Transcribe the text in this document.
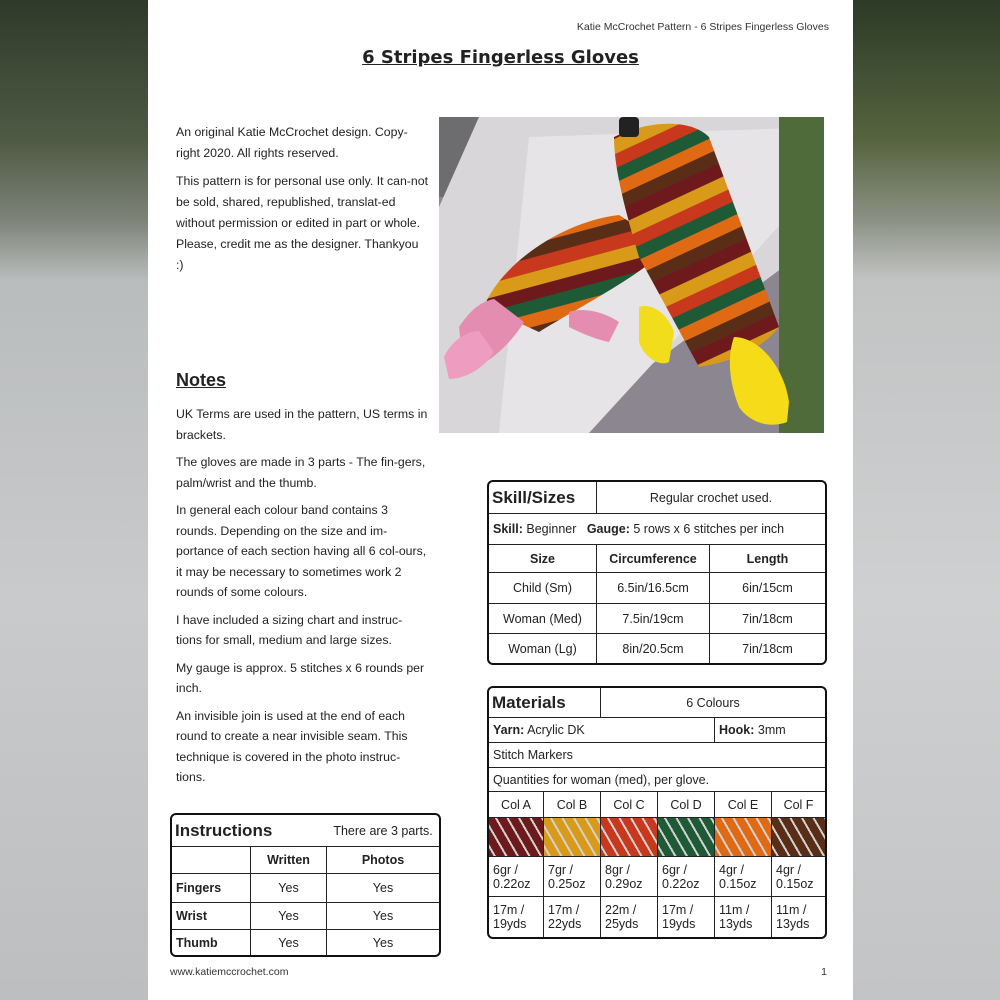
Katie McCrochet Pattern - 6 Stripes Fingerless Gloves
6 Stripes Fingerless Gloves

An original Katie McCrochet design. Copy-right 2020. All rights reserved.

This pattern is for personal use only. It can-not be sold, shared, republished, translat-ed without permission or edited in part or whole. Please, credit me as the designer. Thankyou :)

Notes

UK Terms are used in the pattern, US terms in brackets.

The gloves are made in 3 parts - The fin-gers, palm/wrist and the thumb.

In general each colour band contains 3 rounds. Depending on the size and im-portance of each section having all 6 col-ours, it may be necessary to sometimes work 2 rounds of some colours.

I have included a sizing chart and instruc-tions for small, medium and large sizes.

My gauge is approx. 5 stitches x 6 rounds per inch.

An invisible join is used at the end of each round to create a near invisible seam. This technique is covered in the photo instruc-tions.

Skill/Sizes	Regular crochet used.	
Skill: Beginner Gauge: 5 rows x 6 stitches per inch		
Size	Circumference	Length
Child (Sm)	6.5in/16.5cm	6in/15cm
Woman (Med)	7.5in/19cm	7in/18cm
Woman (Lg)	8in/20.5cm	7in/18cm
Materials		6 Colours			
Yarn: Acrylic DK				Hook: 3mm	
Stitch Markers					
Quantities for woman (med), per glove.					
Col A	Col B	Col C	Col D	Col E	Col F

6gr /
0.22oz	7gr /
0.25oz	8gr /
0.29oz	6gr /
0.22oz	4gr /
0.15oz	4gr /
0.15oz
17m /
19yds	17m /
22yds	22m /
25yds	17m /
19yds	11m /
13yds	11m /
13yds
Instructions		There are 3 parts.
	Written	Photos
Fingers	Yes	Yes
Wrist	Yes	Yes
Thumb	Yes	Yes
www.katiemccrochet.com	1
